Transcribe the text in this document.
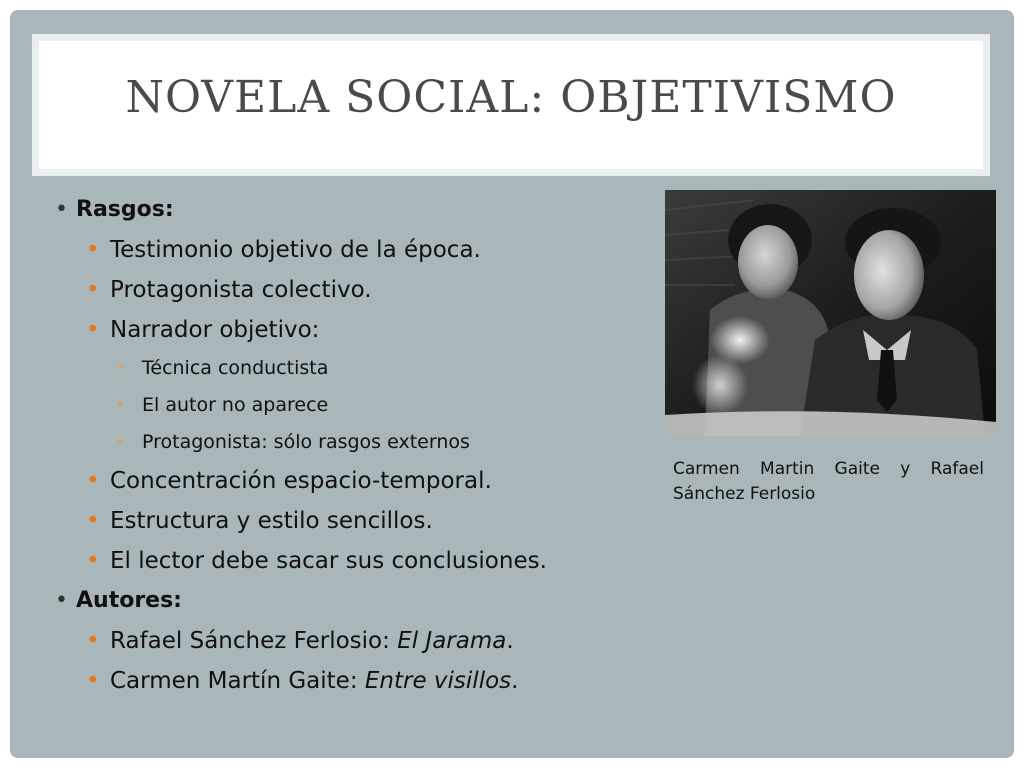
NOVELA SOCIAL: OBJETIVISMO
• Rasgos:
• Testimonio objetivo de la época.
• Protagonista colectivo.
• Narrador objetivo:
• Técnica conductista
• El autor no aparece
• Protagonista: sólo rasgos externos
• Concentración espacio-temporal.
• Estructura y estilo sencillos.
• El lector debe sacar sus conclusiones.
• Autores:
• Rafael Sánchez Ferlosio: El Jarama.
• Carmen Martín Gaite: Entre visillos.
Carmen Martin Gaite y Rafael Sánchez Ferlosio
